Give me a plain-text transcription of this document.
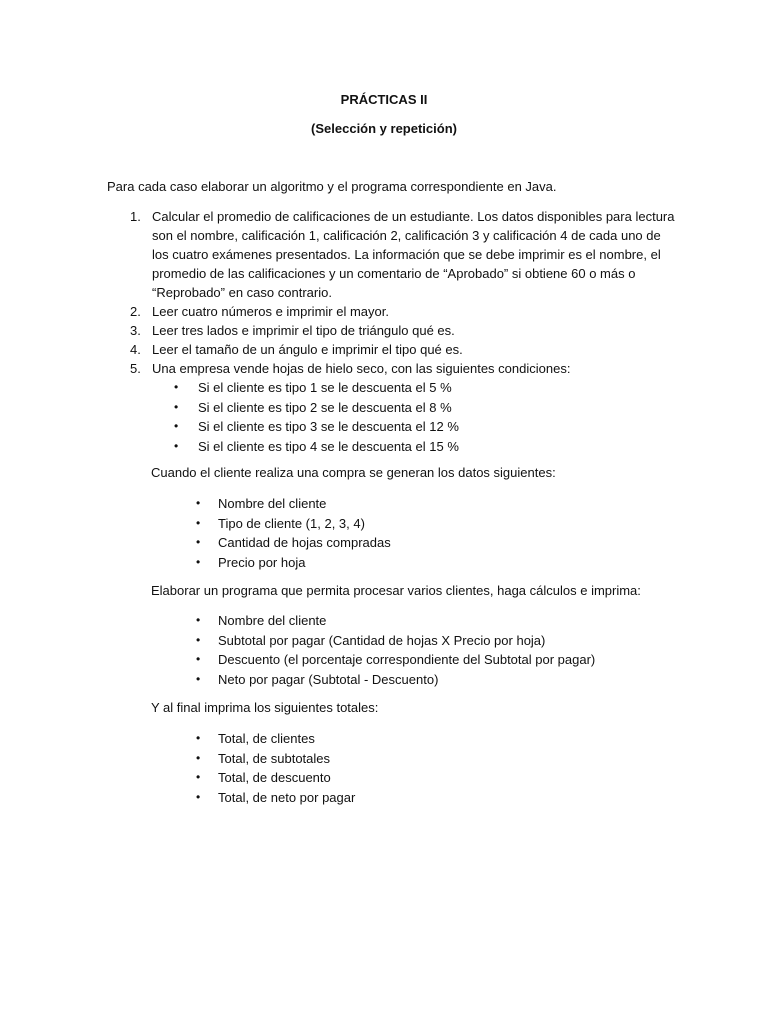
PRÁCTICAS II

(Selección y repetición)

Para cada caso elaborar un algoritmo y el programa correspondiente en Java.

1. Calcular el promedio de calificaciones de un estudiante. Los datos disponibles para lectura
son el nombre, calificación 1, calificación 2, calificación 3 y calificación 4 de cada uno de
los cuatro exámenes presentados. La información que se debe imprimir es el nombre, el
promedio de las calificaciones y un comentario de “Aprobado” si obtiene 60 o más o
“Reprobado” en caso contrario.
2. Leer cuatro números e imprimir el mayor.
3. Leer tres lados e imprimir el tipo de triángulo qué es.
4. Leer el tamaño de un ángulo e imprimir el tipo qué es.
5. Una empresa vende hojas de hielo seco, con las siguientes condiciones:
• Si el cliente es tipo 1 se le descuenta el 5 %
• Si el cliente es tipo 2 se le descuenta el 8 %
• Si el cliente es tipo 3 se le descuenta el 12 %
• Si el cliente es tipo 4 se le descuenta el 15 %

Cuando el cliente realiza una compra se generan los datos siguientes:

• Nombre del cliente
• Tipo de cliente (1, 2, 3, 4)
• Cantidad de hojas compradas
• Precio por hoja

Elaborar un programa que permita procesar varios clientes, haga cálculos e imprima:

• Nombre del cliente
• Subtotal por pagar (Cantidad de hojas X Precio por hoja)
• Descuento (el porcentaje correspondiente del Subtotal por pagar)
• Neto por pagar (Subtotal - Descuento)

Y al final imprima los siguientes totales:

• Total, de clientes
• Total, de subtotales
• Total, de descuento
• Total, de neto por pagar
